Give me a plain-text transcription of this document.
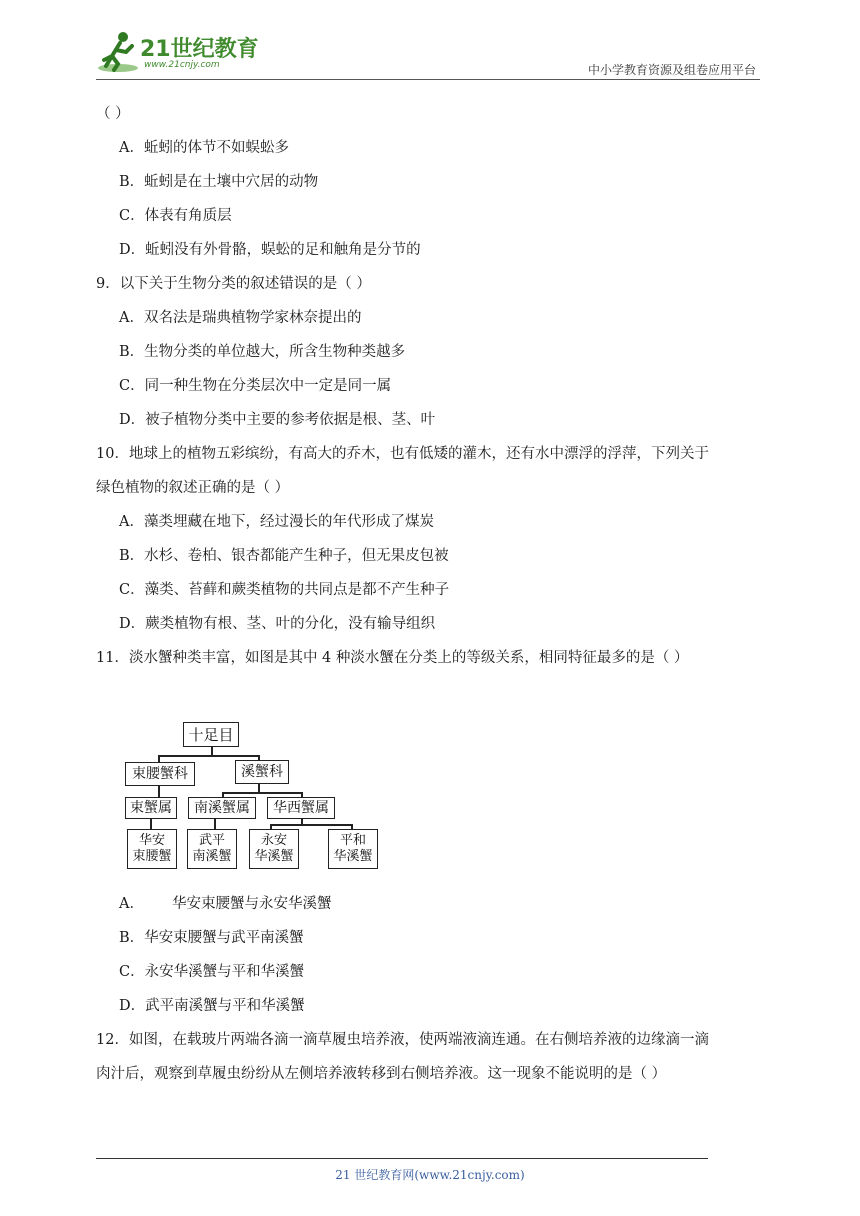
21世纪教育
www.21cnjy.com	中小学教育资源及组卷应用平台
（ ）
A．蚯蚓的体节不如蜈蚣多
B．蚯蚓是在土壤中穴居的动物
C．体表有角质层
D．蚯蚓没有外骨骼，蜈蚣的足和触角是分节的
9．以下关于生物分类的叙述错误的是（ ）
A．双名法是瑞典植物学家林奈提出的
B．生物分类的单位越大，所含生物种类越多
C．同一种生物在分类层次中一定是同一属
D．被子植物分类中主要的参考依据是根、茎、叶
10．地球上的植物五彩缤纷，有高大的乔木，也有低矮的灌木，还有水中漂浮的浮萍，下列关于
绿色植物的叙述正确的是（ ）
A．藻类埋藏在地下，经过漫长的年代形成了煤炭
B．水杉、卷柏、银杏都能产生种子，但无果皮包被
C．藻类、苔藓和蕨类植物的共同点是都不产生种子
D．蕨类植物有根、茎、叶的分化，没有输导组织
11．淡水蟹种类丰富，如图是其中 4 种淡水蟹在分类上的等级关系，相同特征最多的是（ ）
十足目
束腰蟹科	溪蟹科
束蟹属	南溪蟹属	华西蟹属
华安
束腰蟹
武平
南溪蟹
永安
华溪蟹
平和
华溪蟹
A． 华安束腰蟹与永安华溪蟹
B．华安束腰蟹与武平南溪蟹
C．永安华溪蟹与平和华溪蟹
D．武平南溪蟹与平和华溪蟹
12．如图，在载玻片两端各滴一滴草履虫培养液，使两端液滴连通。在右侧培养液的边缘滴一滴
肉汁后，观察到草履虫纷纷从左侧培养液转移到右侧培养液。这一现象不能说明的是（ ）
21 世纪教育网(www.21cnjy.com)
